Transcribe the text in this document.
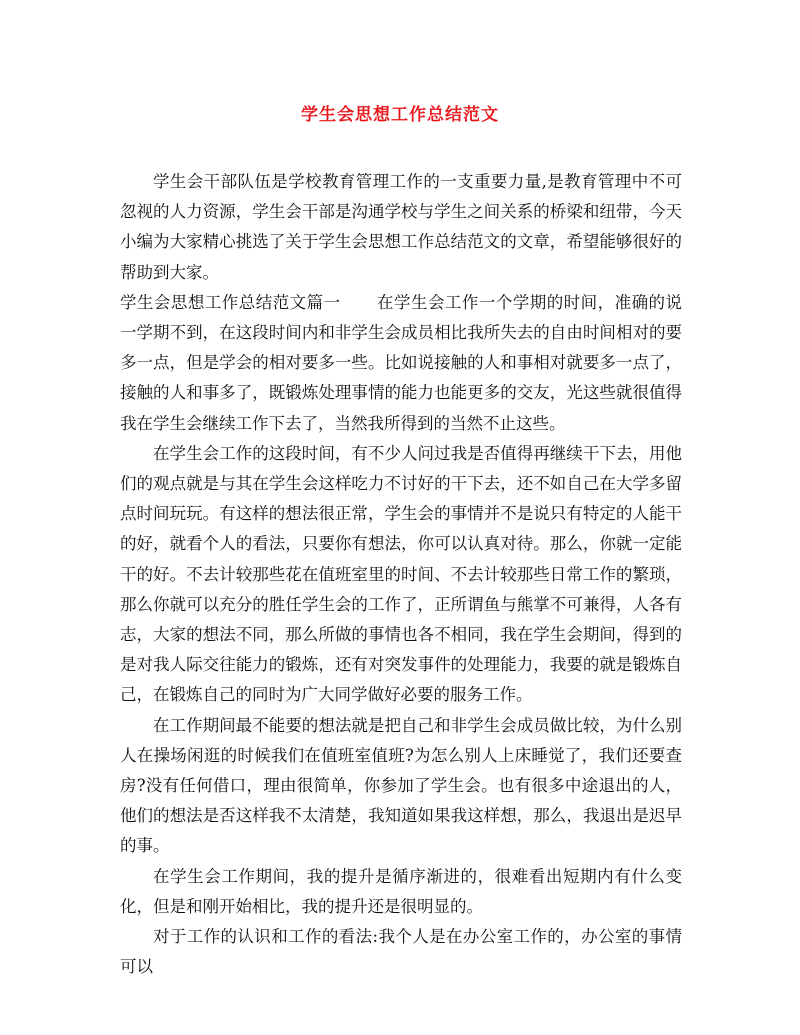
学生会思想工作总结范文

学生会干部队伍是学校教育管理工作的一支重要力量,是教育管理中不可忽视的人力资源，学生会干部是沟通学校与学生之间关系的桥梁和纽带，今天小编为大家精心挑选了关于学生会思想工作总结范文的文章，希望能够很好的帮助到大家。

学生会思想工作总结范文篇一 在学生会工作一个学期的时间，准确的说一学期不到，在这段时间内和非学生会成员相比我所失去的自由时间相对的要多一点，但是学会的相对要多一些。比如说接触的人和事相对就要多一点了，接触的人和事多了，既锻炼处理事情的能力也能更多的交友，光这些就很值得我在学生会继续工作下去了，当然我所得到的当然不止这些。

在学生会工作的这段时间，有不少人问过我是否值得再继续干下去，用他们的观点就是与其在学生会这样吃力不讨好的干下去，还不如自己在大学多留点时间玩玩。有这样的想法很正常，学生会的事情并不是说只有特定的人能干的好，就看个人的看法，只要你有想法，你可以认真对待。那么，你就一定能干的好。不去计较那些花在值班室里的时间、不去计较那些日常工作的繁琐，那么你就可以充分的胜任学生会的工作了，正所谓鱼与熊掌不可兼得，人各有志，大家的想法不同，那么所做的事情也各不相同，我在学生会期间，得到的是对我人际交往能力的锻炼，还有对突发事件的处理能力，我要的就是锻炼自己，在锻炼自己的同时为广大同学做好必要的服务工作。

在工作期间最不能要的想法就是把自己和非学生会成员做比较，为什么别人在操场闲逛的时候我们在值班室值班?为怎么别人上床睡觉了，我们还要查房?没有任何借口，理由很简单，你参加了学生会。也有很多中途退出的人，他们的想法是否这样我不太清楚，我知道如果我这样想，那么，我退出是迟早的事。

在学生会工作期间，我的提升是循序渐进的，很难看出短期内有什么变化，但是和刚开始相比，我的提升还是很明显的。

对于工作的认识和工作的看法:我个人是在办公室工作的，办公室的事情可以
